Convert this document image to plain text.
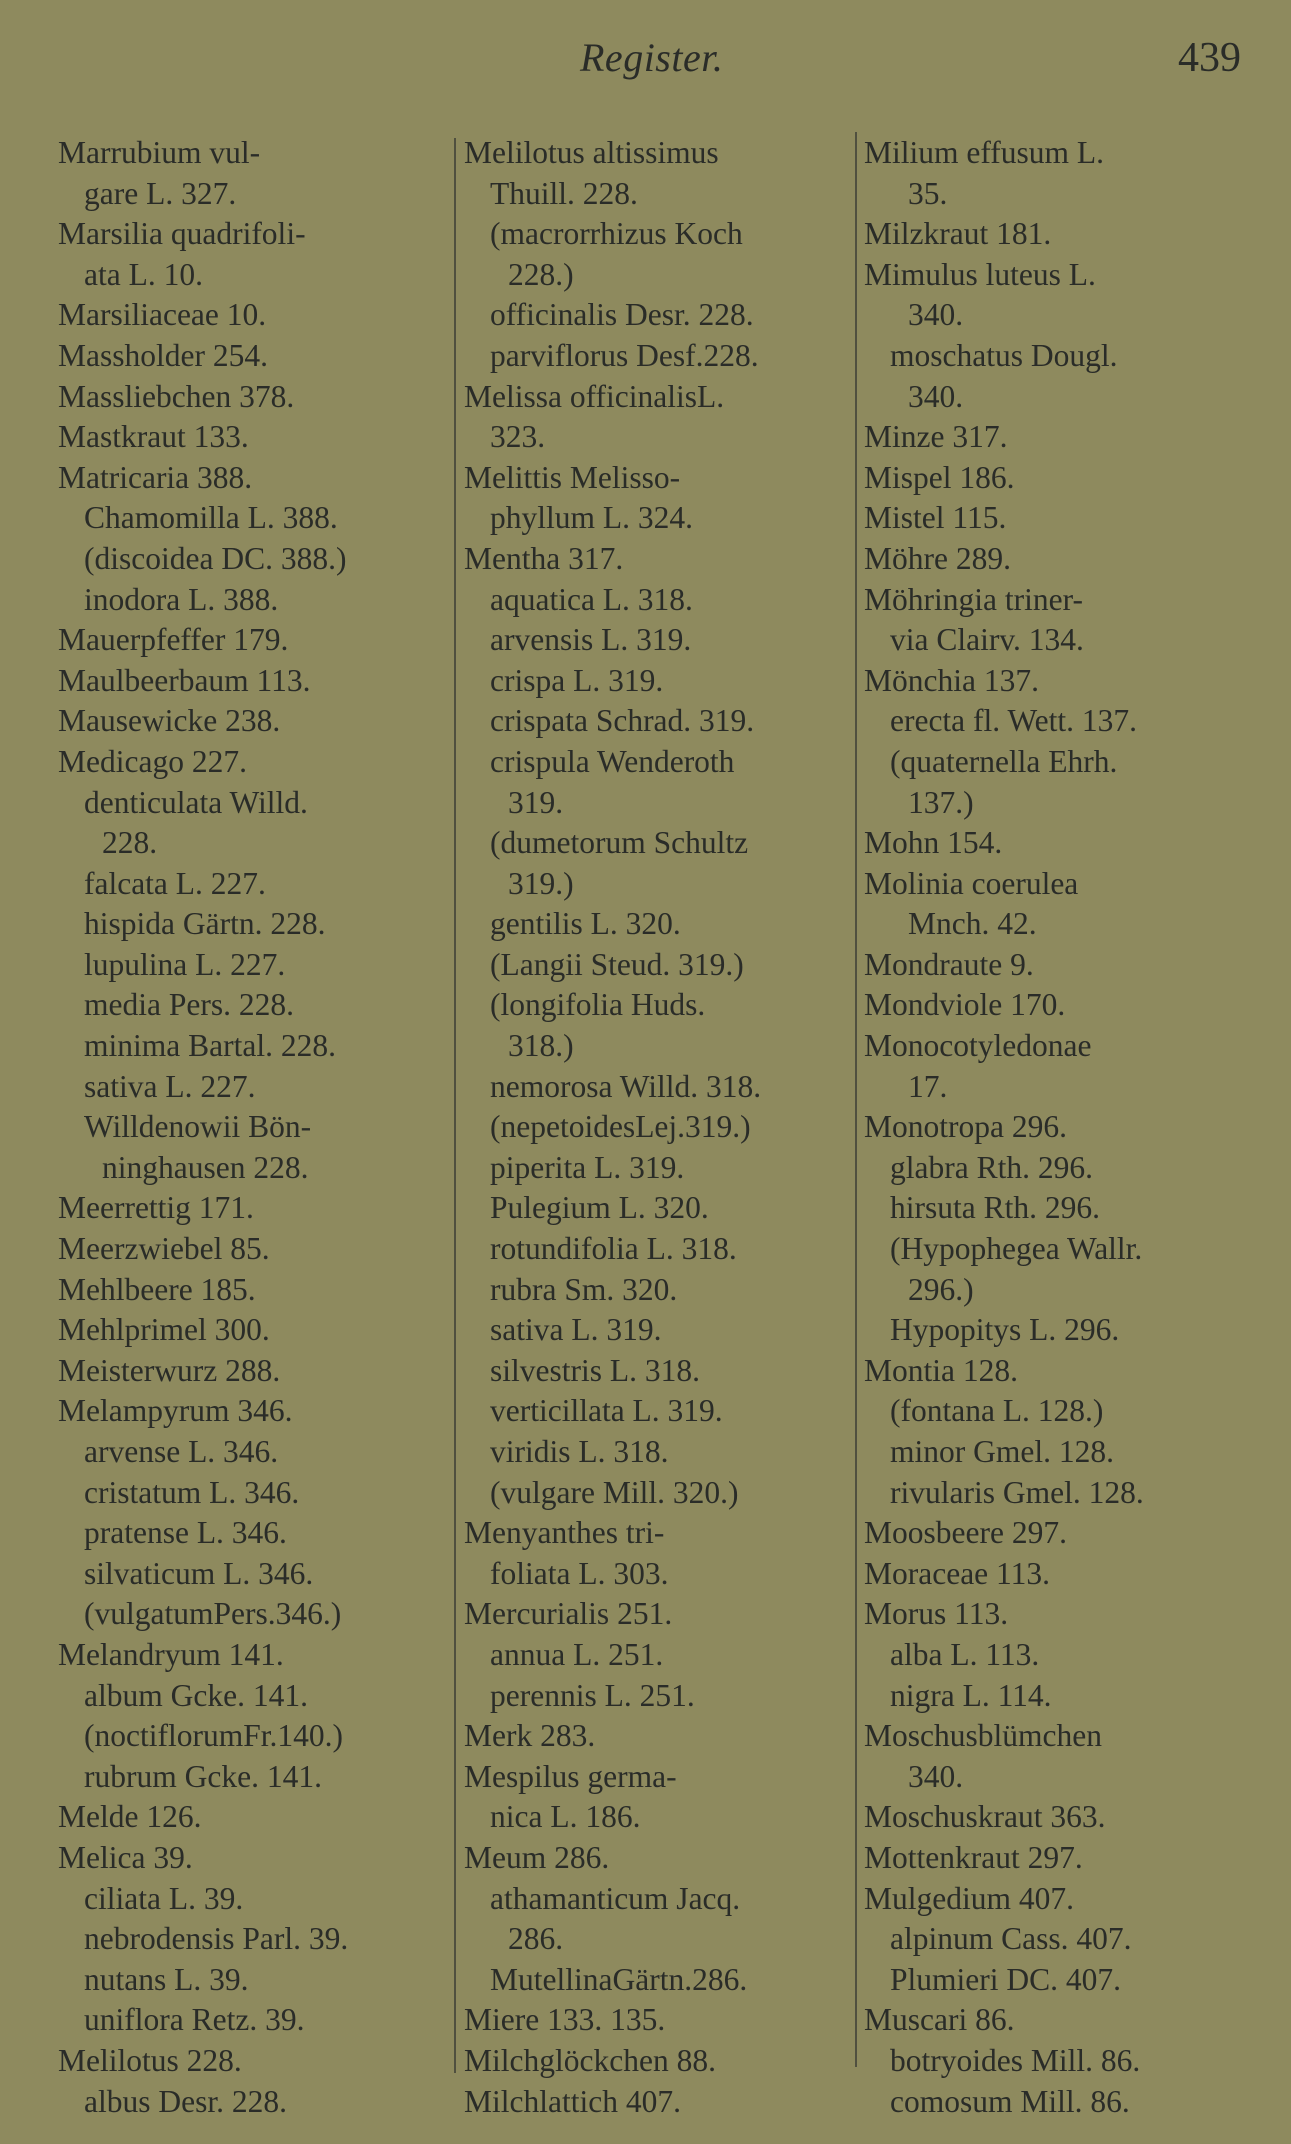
Register.	439
Marrubium vul-
gare L. 327.
Marsilia quadrifoli-
ata L. 10.
Marsiliaceae 10.
Massholder 254.
Massliebchen 378.
Mastkraut 133.
Matricaria 388.
Chamomilla L. 388.
(discoidea DC. 388.)
inodora L. 388.
Mauerpfeffer 179.
Maulbeerbaum 113.
Mausewicke 238.
Medicago 227.
denticulata Willd.
228.
falcata L. 227.
hispida Gärtn. 228.
lupulina L. 227.
media Pers. 228.
minima Bartal. 228.
sativa L. 227.
Willdenowii Bön-
ninghausen 228.
Meerrettig 171.
Meerzwiebel 85.
Mehlbeere 185.
Mehlprimel 300.
Meisterwurz 288.
Melampyrum 346.
arvense L. 346.
cristatum L. 346.
pratense L. 346.
silvaticum L. 346.
(vulgatumPers.346.)
Melandryum 141.
album Gcke. 141.
(noctiflorumFr.140.)
rubrum Gcke. 141.
Melde 126.
Melica 39.
ciliata L. 39.
nebrodensis Parl. 39.
nutans L. 39.
uniflora Retz. 39.
Melilotus 228.
albus Desr. 228.
Melilotus altissimus
Thuill. 228.
(macrorrhizus Koch
228.)
officinalis Desr. 228.
parviflorus Desf.228.
Melissa officinalisL.
323.
Melittis Melisso-
phyllum L. 324.
Mentha 317.
aquatica L. 318.
arvensis L. 319.
crispa L. 319.
crispata Schrad. 319.
crispula Wenderoth
319.
(dumetorum Schultz
319.)
gentilis L. 320.
(Langii Steud. 319.)
(longifolia Huds.
318.)
nemorosa Willd. 318.
(nepetoidesLej.319.)
piperita L. 319.
Pulegium L. 320.
rotundifolia L. 318.
rubra Sm. 320.
sativa L. 319.
silvestris L. 318.
verticillata L. 319.
viridis L. 318.
(vulgare Mill. 320.)
Menyanthes tri-
foliata L. 303.
Mercurialis 251.
annua L. 251.
perennis L. 251.
Merk 283.
Mespilus germa-
nica L. 186.
Meum 286.
athamanticum Jacq.
286.
MutellinaGärtn.286.
Miere 133. 135.
Milchglöckchen 88.
Milchlattich 407.
Milium effusum L.
35.
Milzkraut 181.
Mimulus luteus L.
340.
moschatus Dougl.
340.
Minze 317.
Mispel 186.
Mistel 115.
Möhre 289.
Möhringia triner-
via Clairv. 134.
Mönchia 137.
erecta fl. Wett. 137.
(quaternella Ehrh.
137.)
Mohn 154.
Molinia coerulea
Mnch. 42.
Mondraute 9.
Mondviole 170.
Monocotyledonae
17.
Monotropa 296.
glabra Rth. 296.
hirsuta Rth. 296.
(Hypophegea Wallr.
296.)
Hypopitys L. 296.
Montia 128.
(fontana L. 128.)
minor Gmel. 128.
rivularis Gmel. 128.
Moosbeere 297.
Moraceae 113.
Morus 113.
alba L. 113.
nigra L. 114.
Moschusblümchen
340.
Moschuskraut 363.
Mottenkraut 297.
Mulgedium 407.
alpinum Cass. 407.
Plumieri DC. 407.
Muscari 86.
botryoides Mill. 86.
comosum Mill. 86.
